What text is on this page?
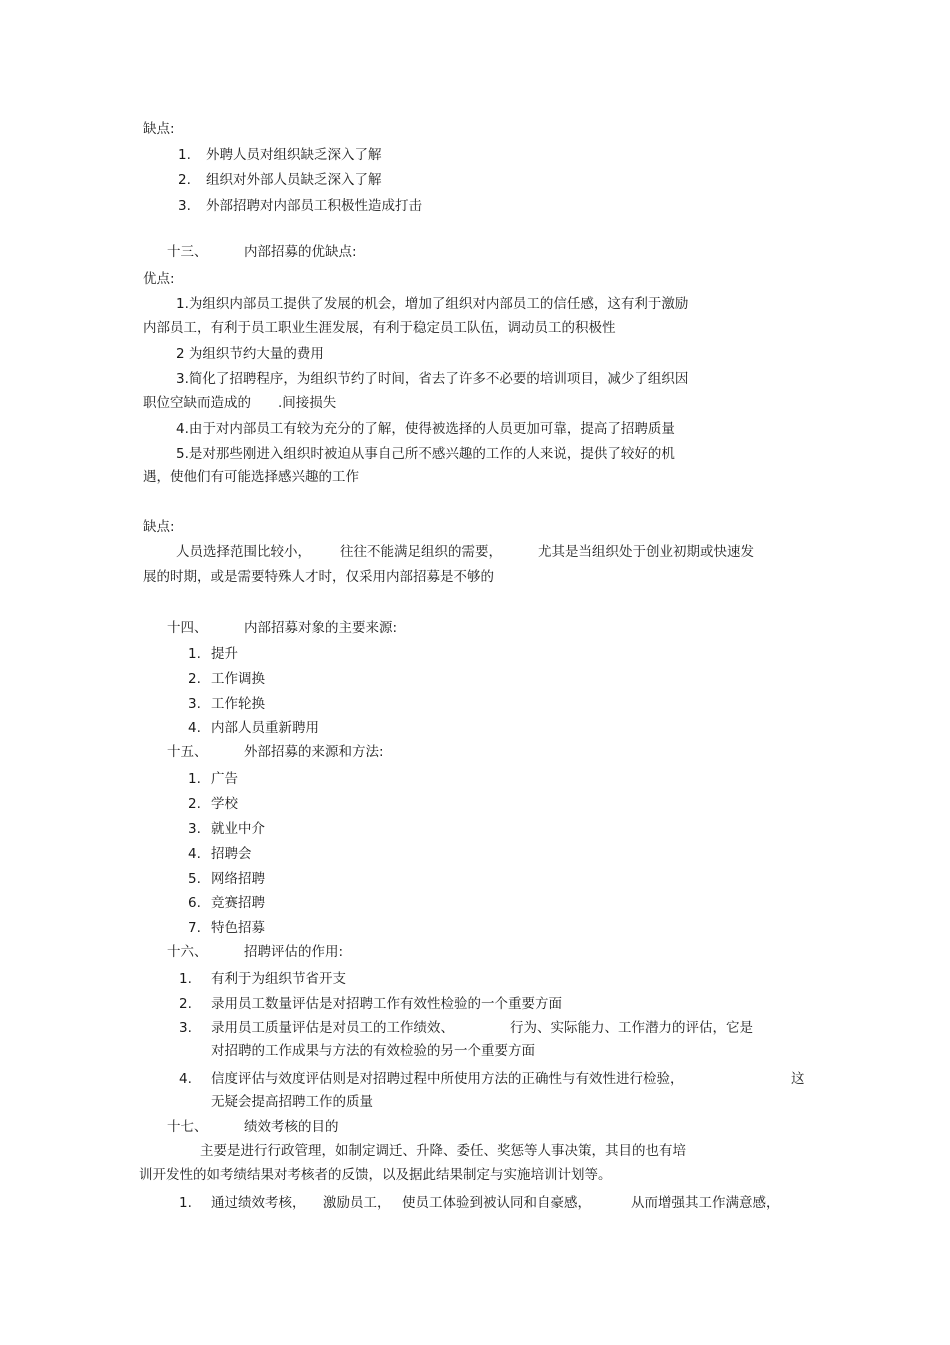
缺点:
1. 外聘人员对组织缺乏深入了解
2. 组织对外部人员缺乏深入了解
3. 外部招聘对内部员工积极性造成打击
十三、	内部招募的优缺点:
优点:
1.为组织内部员工提供了发展的机会，增加了组织对内部员工的信任感，这有利于激励
内部员工，有利于员工职业生涯发展，有利于稳定员工队伍，调动员工的积极性
2 为组织节约大量的费用
3.简化了招聘程序，为组织节约了时间，省去了许多不必要的培训项目，减少了组织因
职位空缺而造成的 .间接损失
4.由于对内部员工有较为充分的了解，使得被选择的人员更加可靠，提高了招聘质量
5.是对那些刚进入组织时被迫从事自己所不感兴趣的工作的人来说，提供了较好的机
遇，使他们有可能选择感兴趣的工作
缺点:
人员选择范围比较小， 往往不能满足组织的需要，	尤其是当组织处于创业初期或快速发
展的时期，或是需要特殊人才时，仅采用内部招募是不够的
十四、	内部招募对象的主要来源:
1. 提升
2. 工作调换
3. 工作轮换
4. 内部人员重新聘用
十五、	外部招募的来源和方法:
1. 广告
2. 学校
3. 就业中介
4. 招聘会
5. 网络招聘
6. 竞赛招聘
7. 特色招募
十六、	招聘评估的作用:
1. 有利于为组织节省开支
2. 录用员工数量评估是对招聘工作有效性检验的一个重要方面
3. 录用员工质量评估是对员工的工作绩效、	行为、实际能力、工作潜力的评估，它是
对招聘的工作成果与方法的有效检验的另一个重要方面
4. 信度评估与效度评估则是对招聘过程中所使用方法的正确性与有效性进行检验，	这
无疑会提高招聘工作的质量
十七、	绩效考核的目的
主要是进行行政管理，如制定调迁、升降、委任、奖惩等人事决策，其目的也有培
训开发性的如考绩结果对考核者的反馈，以及据此结果制定与实施培训计划等。
1. 通过绩效考核， 激励员工， 使员工体验到被认同和自豪感，	从而增强其工作满意感，
